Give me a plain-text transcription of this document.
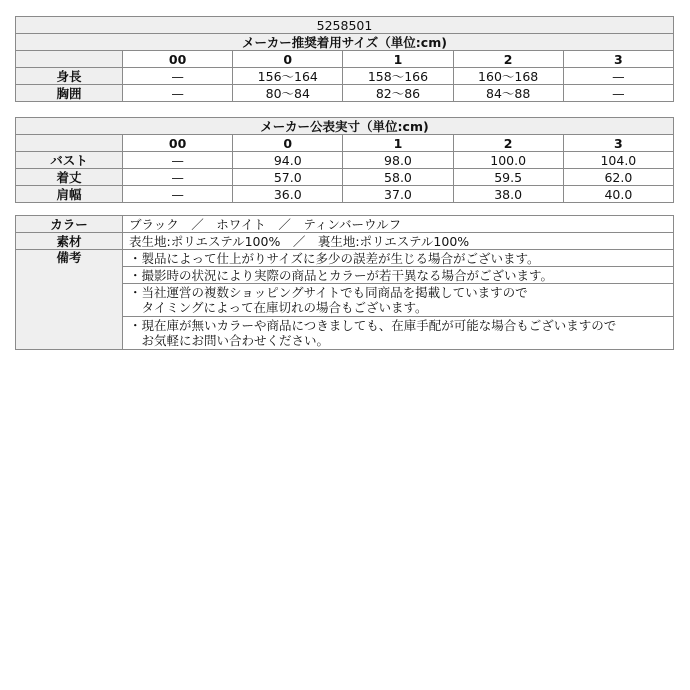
5258501					
メーカー推奨着用サイズ（単位:cm)					
	00	0	1	2	3
身長	—	156～164	158～166	160～168	—
胸囲	—	80～84	82～86	84～88	—
メーカー公表実寸（単位:cm)					
	00	0	1	2	3
バスト	—	94.0	98.0	100.0	104.0
着丈	—	57.0	58.0	59.5	62.0
肩幅	—	36.0	37.0	38.0	40.0
カラー	ブラック　／　ホワイト　／　ティンバーウルフ
素材	表生地:ポリエステル100%　／　裏生地:ポリエステル100%
備考	・製品によって仕上がりサイズに多少の誤差が生じる場合がございます。

	・撮影時の状況により実際の商品とカラーが若干異なる場合がございます。

	・当社運営の複数ショッピングサイトでも同商品を掲載していますので
　タイミングによって在庫切れの場合もございます。

	・現在庫が無いカラーや商品につきましても、在庫手配が可能な場合もございますので
　お気軽にお問い合わせください。
